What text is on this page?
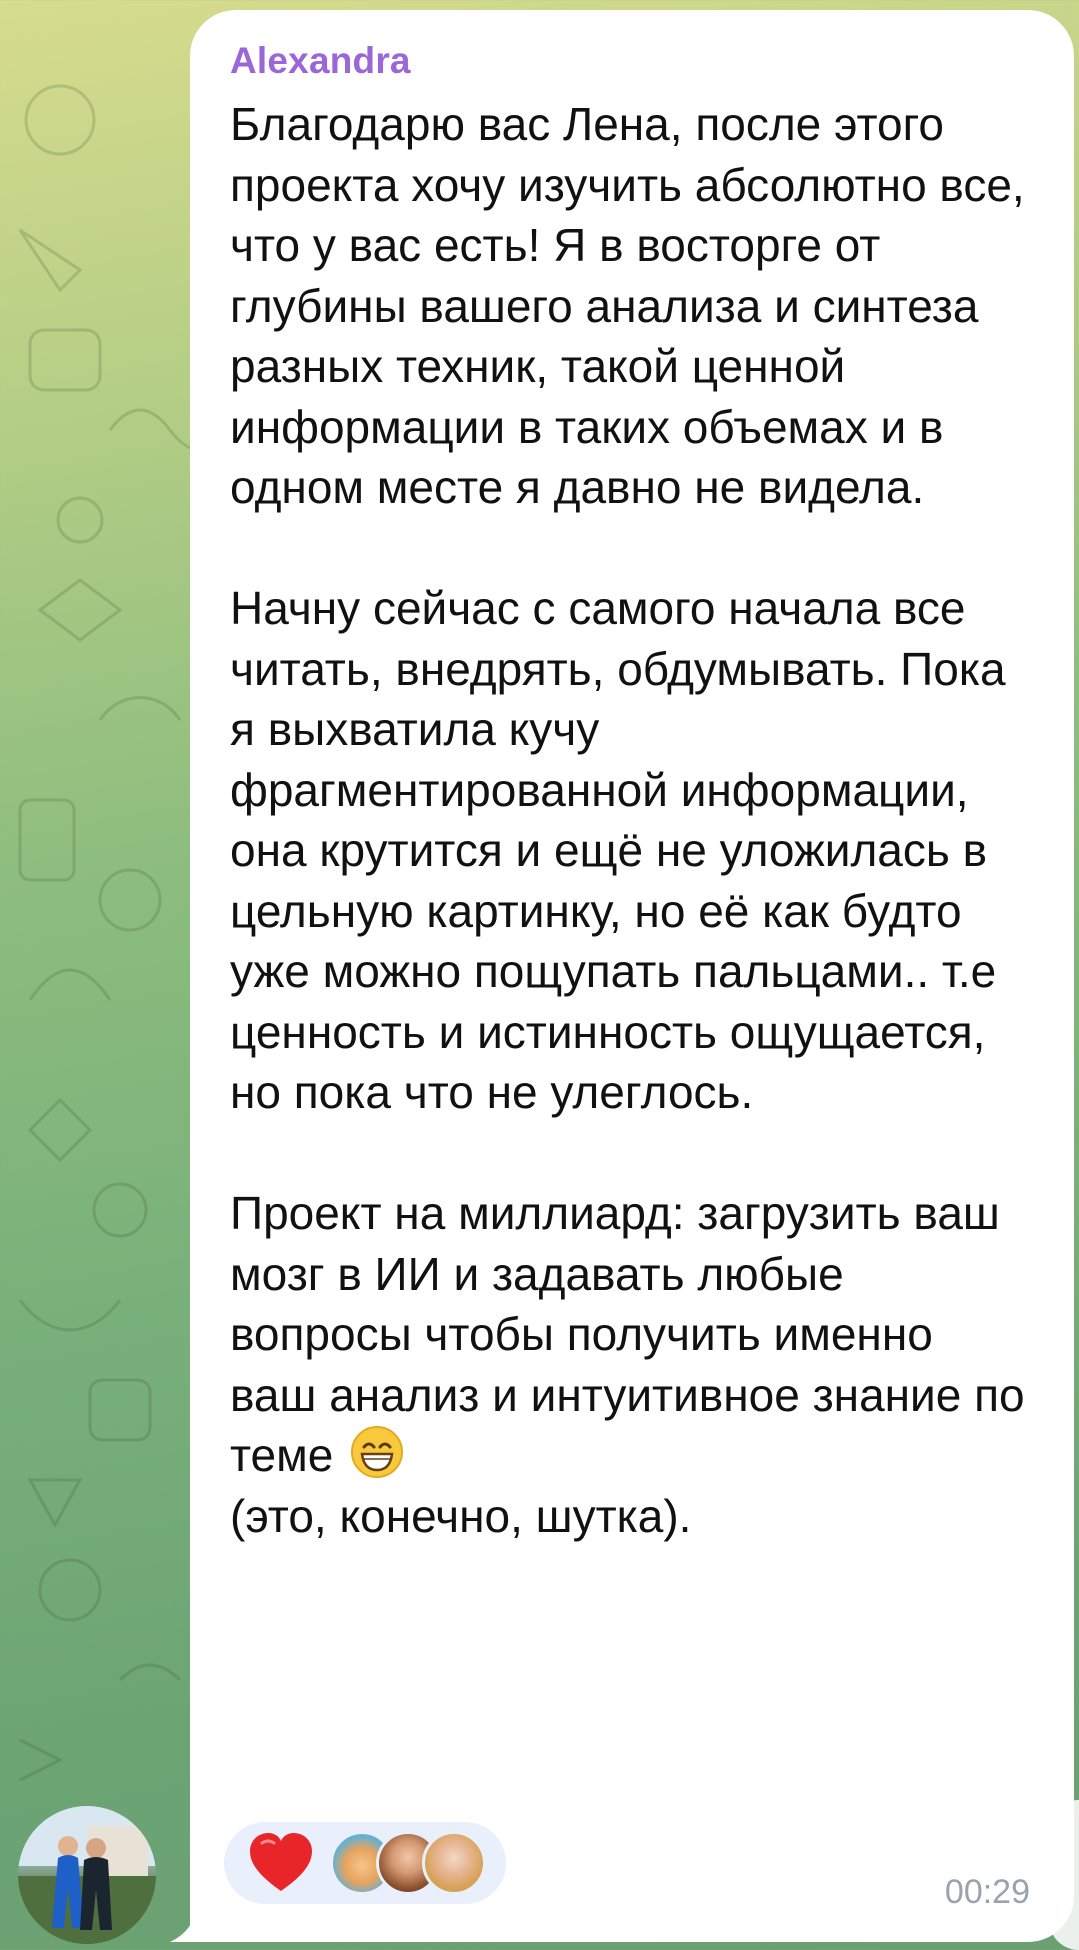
Alexandra

Благодарю вас Лена, после этого проекта хочу изучить абсолютно все, что у вас есть! Я в восторге от глубины вашего анализа и синтеза разных техник, такой ценной информации в таких объемах и в одном месте я давно не видела.

Начну сейчас с самого начала все читать, внедрять, обдумывать. Пока я выхватила кучу фрагментированной информации, она крутится и ещё не уложилась в цельную картинку, но её как будто уже можно пощупать пальцами.. т.е ценность и истинность ощущается, но пока что не улеглось.

Проект на миллиард: загрузить ваш мозг в ИИ и задавать любые вопросы чтобы получить именно ваш анализ и интуитивное знание по теме
(это, конечно, шутка).

00:29
